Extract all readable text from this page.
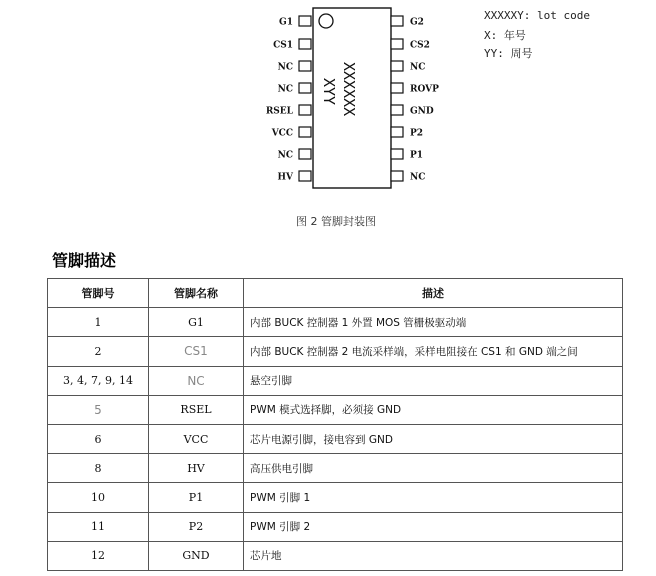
G1
CS1
NC
NC
RSEL
VCC
NC
HV
G2
CS2
NC
ROVP
GND
P2
P1
NC
XXXXXX
XYY
XXXXXY: lot code
X: 年号
YY: 周号
图 2 管脚封装图
管脚描述
管脚号	管脚名称	描述
1	G1	内部 BUCK 控制器 1 外置 MOS 管栅极驱动端
2	CS1	内部 BUCK 控制器 2 电流采样端，采样电阻接在 CS1 和 GND 端之间
3, 4, 7, 9, 14	NC	悬空引脚
5	RSEL	PWM 模式选择脚，必须接 GND
6	VCC	芯片电源引脚，接电容到 GND
8	HV	高压供电引脚
10	P1	PWM 引脚 1
11	P2	PWM 引脚 2
12	GND	芯片地
